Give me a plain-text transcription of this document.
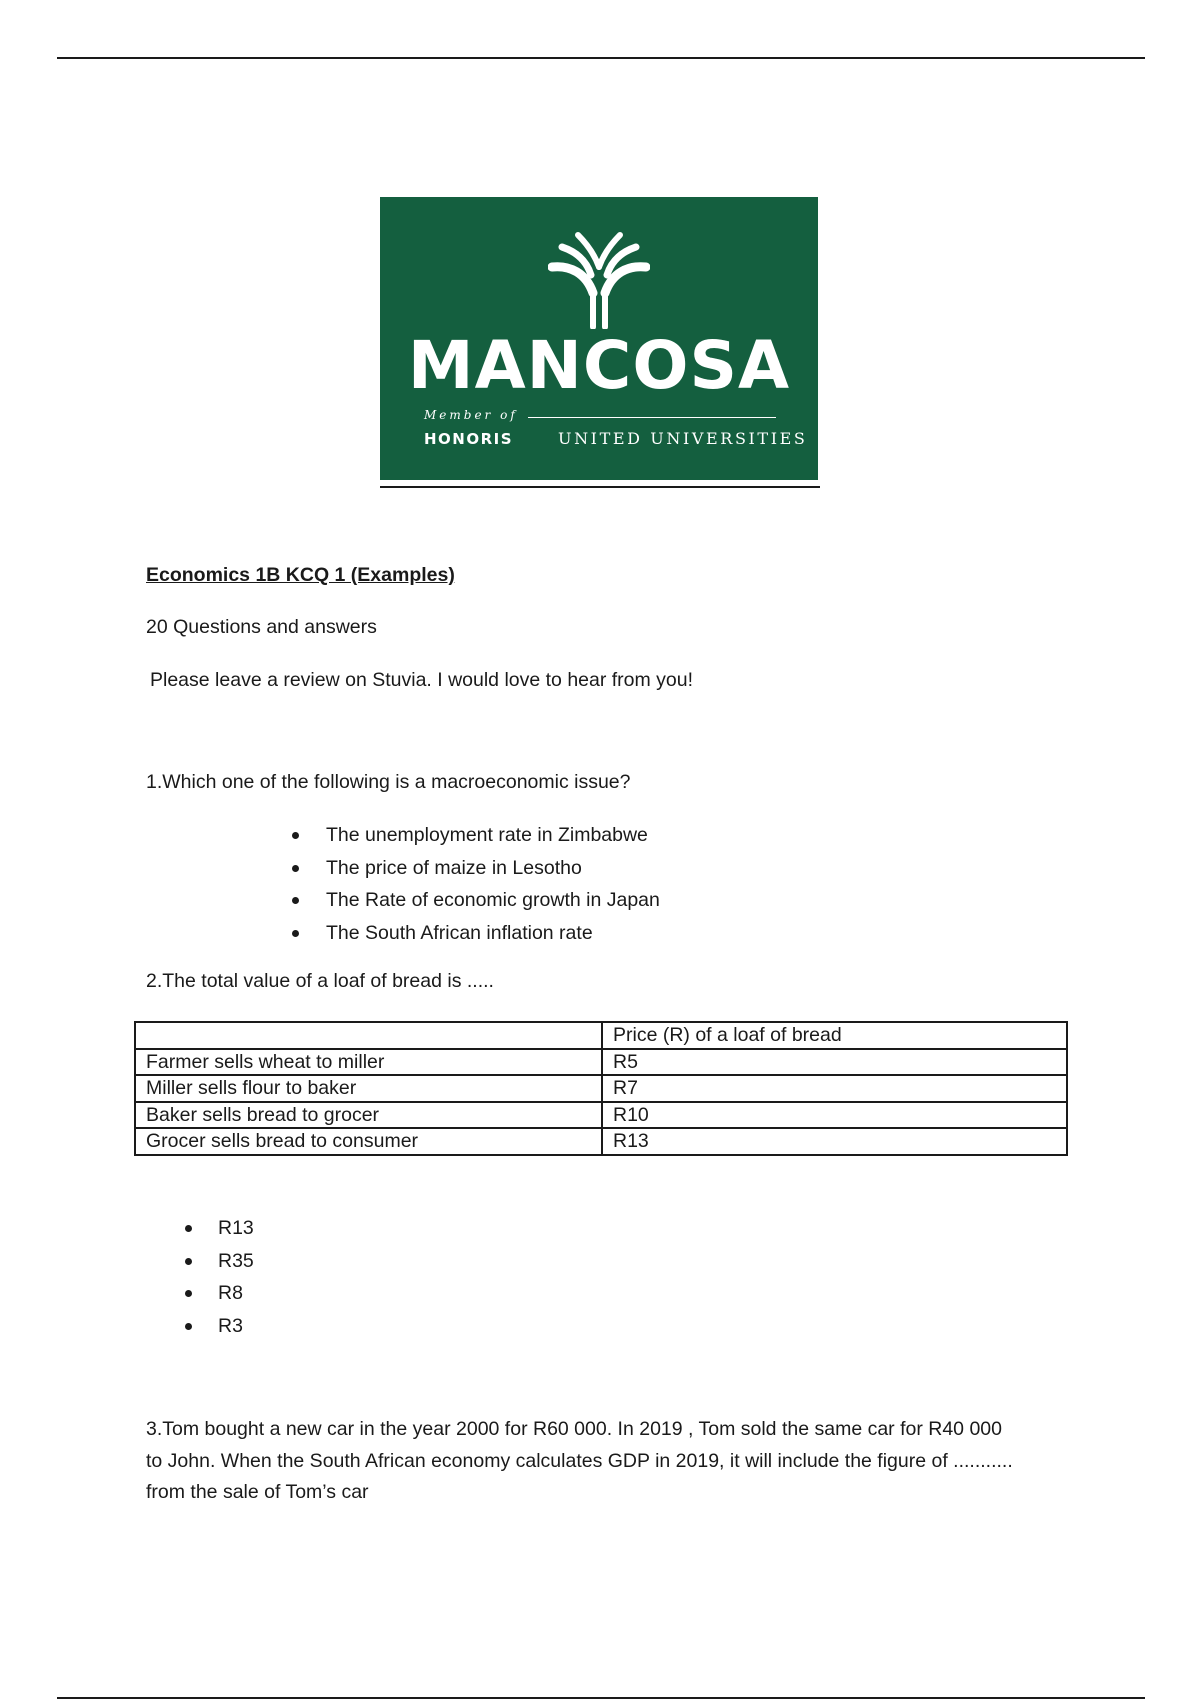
MANCOSA
Member of
HONORIS	UNITED UNIVERSITIES
Economics 1B KCQ 1 (Examples)
20 Questions and answers
Please leave a review on Stuvia. I would love to hear from you!
1.Which one of the following is a macroeconomic issue?
The unemployment rate in Zimbabwe
The price of maize in Lesotho
The Rate of economic growth in Japan
The South African inflation rate
2.The total value of a loaf of bread is .....
	Price (R) of a loaf of bread
Farmer sells wheat to miller	R5
Miller sells flour to baker	R7
Baker sells bread to grocer	R10
Grocer sells bread to consumer	R13
R13
R35
R8
R3
3.Tom bought a new car in the year 2000 for R60 000. In 2019 , Tom sold the same car for R40 000
to John. When the South African economy calculates GDP in 2019, it will include the figure of ...........
from the sale of Tom’s car
